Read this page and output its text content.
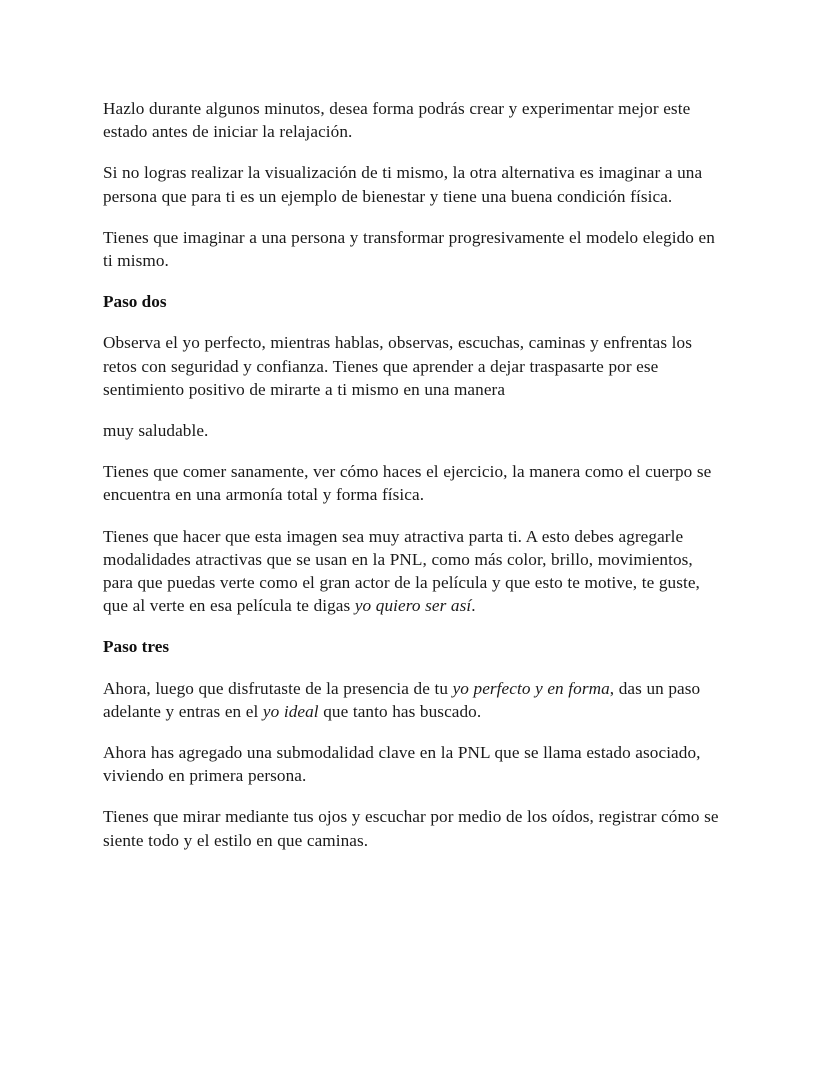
Hazlo durante algunos minutos, desea forma podrás crear y experimentar mejor este estado antes de iniciar la relajación.

Si no logras realizar la visualización de ti mismo, la otra alternativa es imaginar a una persona que para ti es un ejemplo de bienestar y tiene una buena condición física.

Tienes que imaginar a una persona y transformar progresivamente el modelo elegido en ti mismo.

Paso dos

Observa el yo perfecto, mientras hablas, observas, escuchas, caminas y enfrentas los retos con seguridad y confianza. Tienes que aprender a dejar traspasarte por ese sentimiento positivo de mirarte a ti mismo en una manera

muy saludable.

Tienes que comer sanamente, ver cómo haces el ejercicio, la manera como el cuerpo se encuentra en una armonía total y forma física.

Tienes que hacer que esta imagen sea muy atractiva parta ti. A esto debes agregarle modalidades atractivas que se usan en la PNL, como más color, brillo, movimientos, para que puedas verte como el gran actor de la película y que esto te motive, te guste, que al verte en esa película te digas yo quiero ser así.

Paso tres

Ahora, luego que disfrutaste de la presencia de tu yo perfecto y en forma, das un paso adelante y entras en el yo ideal que tanto has buscado.

Ahora has agregado una submodalidad clave en la PNL que se llama estado asociado, viviendo en primera persona.

Tienes que mirar mediante tus ojos y escuchar por medio de los oídos, registrar cómo se siente todo y el estilo en que caminas.
